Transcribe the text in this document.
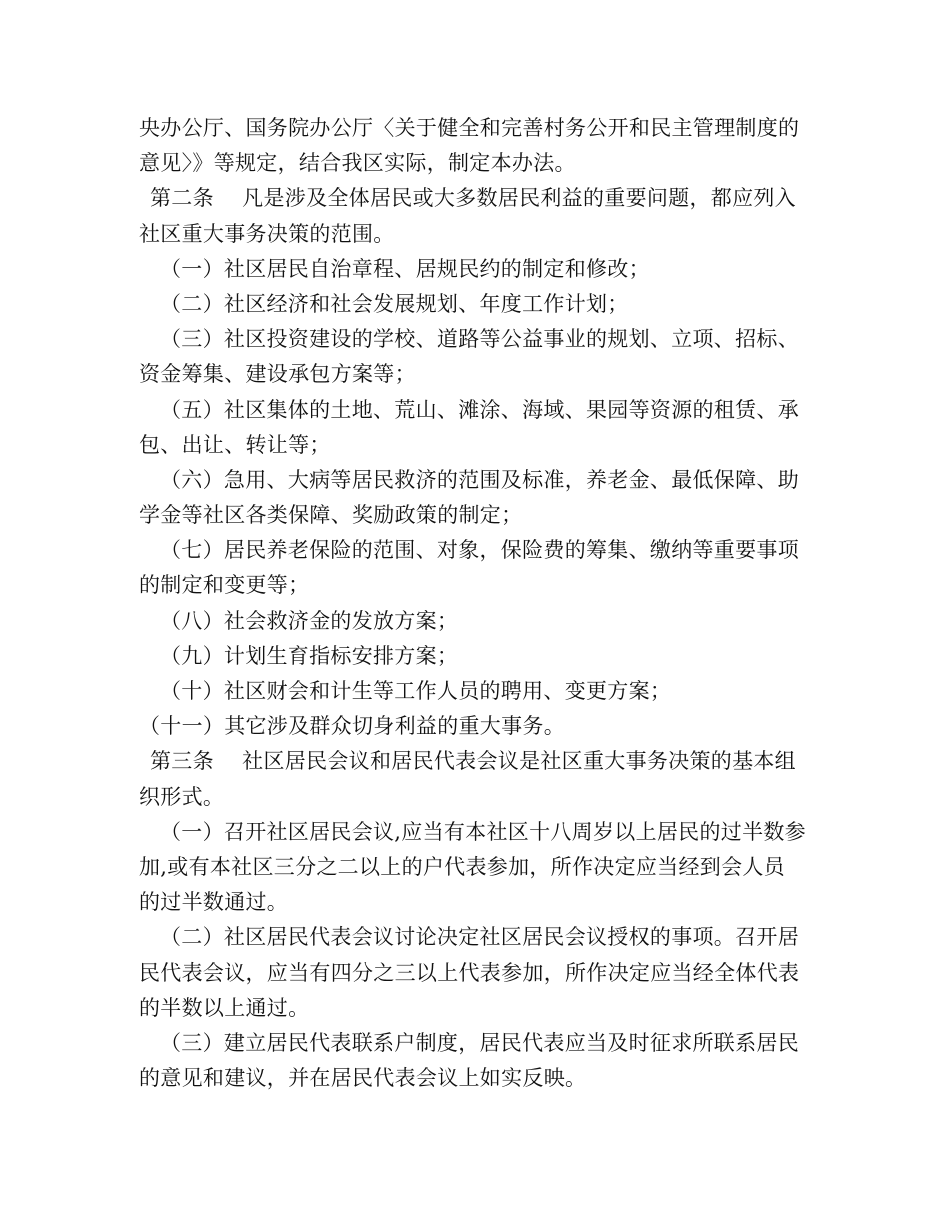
央办公厅、国务院办公厅〈关于健全和完善村务公开和民主管理制度的
意见〉》等规定，结合我区实际，制定本办法。
第二条　 凡是涉及全体居民或大多数居民利益的重要问题，都应列入
社区重大事务决策的范围。
（一）社区居民自治章程、居规民约的制定和修改；
（二）社区经济和社会发展规划、年度工作计划；
（三）社区投资建设的学校、道路等公益事业的规划、立项、招标、
资金筹集、建设承包方案等；
（五）社区集体的土地、荒山、滩涂、海域、果园等资源的租赁、承
包、出让、转让等；
（六）急用、大病等居民救济的范围及标准，养老金、最低保障、助
学金等社区各类保障、奖励政策的制定；
（七）居民养老保险的范围、对象，保险费的筹集、缴纳等重要事项
的制定和变更等；
（八）社会救济金的发放方案；
（九）计划生育指标安排方案；
（十）社区财会和计生等工作人员的聘用、变更方案；
（十一）其它涉及群众切身利益的重大事务。
第三条　 社区居民会议和居民代表会议是社区重大事务决策的基本组
织形式。
（一）召开社区居民会议,应当有本社区十八周岁以上居民的过半数参
加,或有本社区三分之二以上的户代表参加，所作决定应当经到会人员
的过半数通过。
（二）社区居民代表会议讨论决定社区居民会议授权的事项。召开居
民代表会议，应当有四分之三以上代表参加，所作决定应当经全体代表
的半数以上通过。
（三）建立居民代表联系户制度，居民代表应当及时征求所联系居民
的意见和建议，并在居民代表会议上如实反映。
